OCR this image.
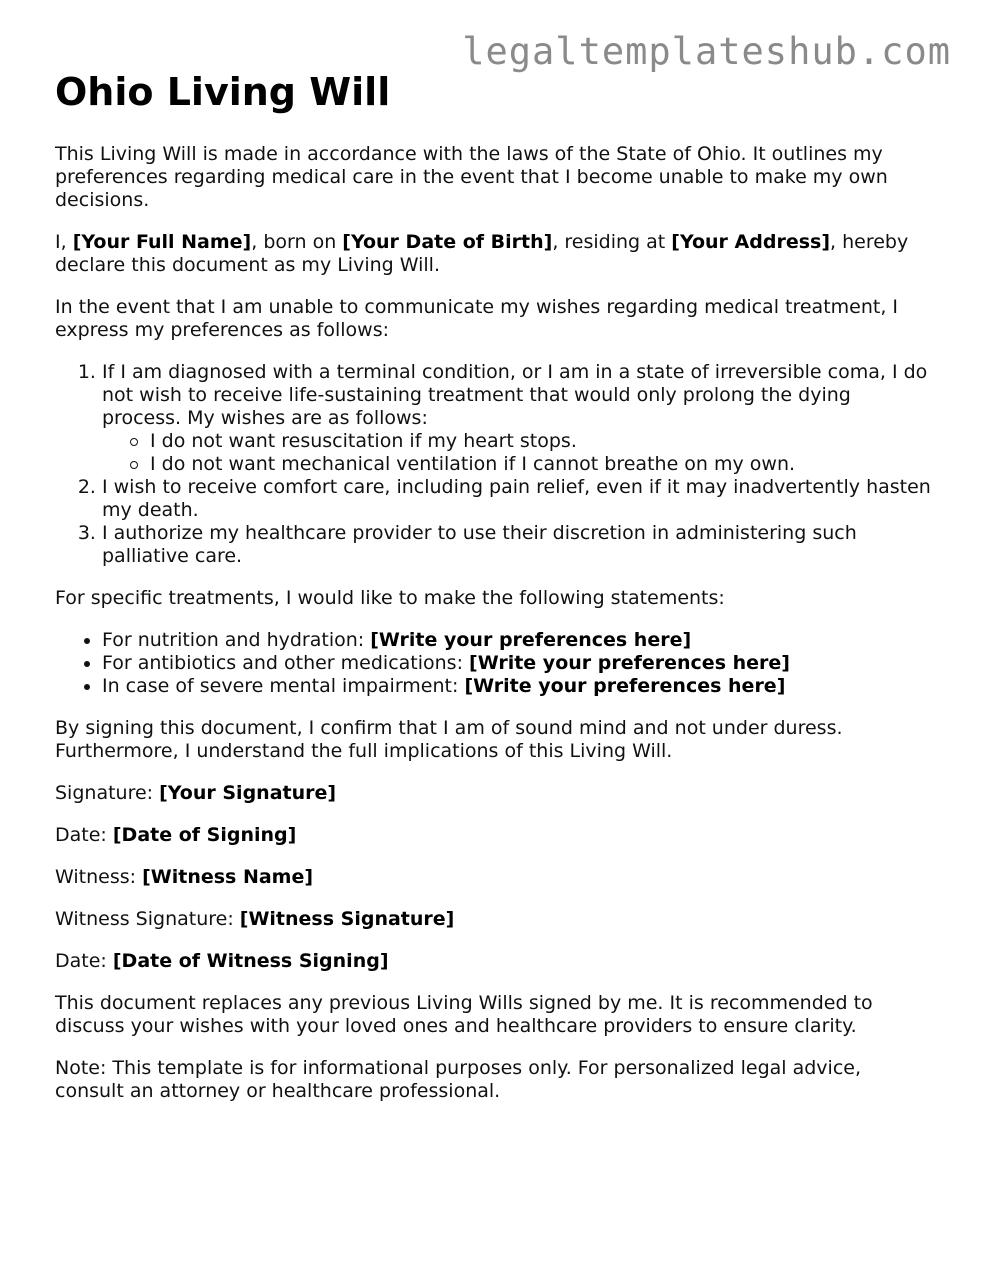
legaltemplateshub.com
Ohio Living Will

This Living Will is made in accordance with the laws of the State of Ohio. It outlines my preferences regarding medical care in the event that I become unable to make my own decisions.

I, [Your Full Name], born on [Your Date of Birth], residing at [Your Address], hereby declare this document as my Living Will.

In the event that I am unable to communicate my wishes regarding medical treatment, I express my preferences as follows:

1. If I am diagnosed with a terminal condition, or I am in a state of irreversible coma, I do not wish to receive life-sustaining treatment that would only prolong the dying process. My wishes are as follows:
I do not want resuscitation if my heart stops.
I do not want mechanical ventilation if I cannot breathe on my own.
2. I wish to receive comfort care, including pain relief, even if it may inadvertently hasten my death.
3. I authorize my healthcare provider to use their discretion in administering such palliative care.

For specific treatments, I would like to make the following statements:

• For nutrition and hydration: [Write your preferences here]
• For antibiotics and other medications: [Write your preferences here]
• In case of severe mental impairment: [Write your preferences here]

By signing this document, I confirm that I am of sound mind and not under duress. Furthermore, I understand the full implications of this Living Will.

Signature: [Your Signature]

Date: [Date of Signing]

Witness: [Witness Name]

Witness Signature: [Witness Signature]

Date: [Date of Witness Signing]

This document replaces any previous Living Wills signed by me. It is recommended to discuss your wishes with your loved ones and healthcare providers to ensure clarity.

Note: This template is for informational purposes only. For personalized legal advice, consult an attorney or healthcare professional.
